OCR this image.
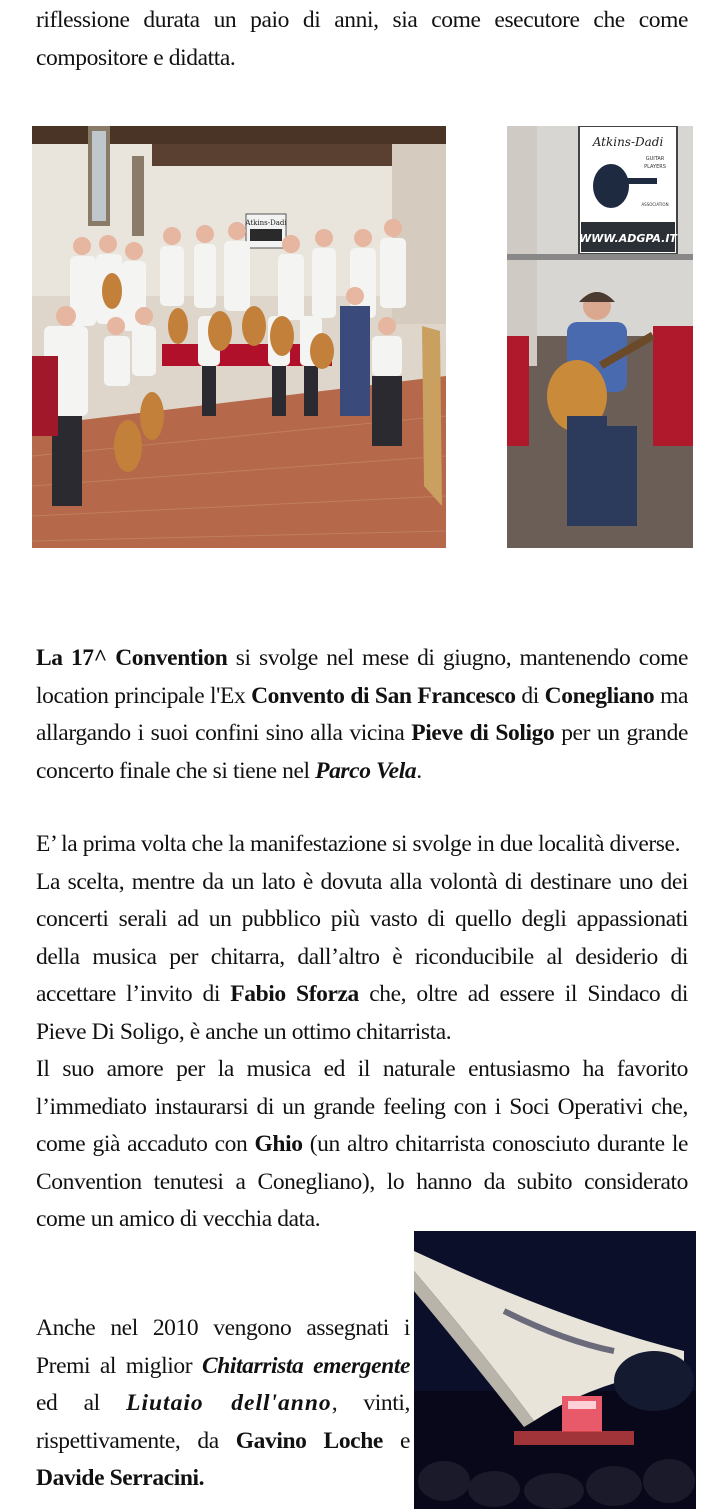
riflessione durata un paio di anni, sia come esecutore che come
compositore e didatta.
Atkins-Dadi
Atkins-Dadi
GUITAR
PLAYERS
ASSOCIATION
WWW.ADGPA.IT
La 17^ Convention si svolge nel mese di giugno, mantenendo come location principale l'Ex Convento di San Francesco di Conegliano ma allargando i suoi confini sino alla vicina Pieve di Soligo per un grande concerto finale che si tiene nel Parco Vela.
E’ la prima volta che la manifestazione si svolge in due località diverse.
La scelta, mentre da un lato è dovuta alla volontà di destinare uno dei concerti serali ad un pubblico più vasto di quello degli appassionati della musica per chitarra, dall’altro è riconducibile al desiderio di accettare l’invito di Fabio Sforza che, oltre ad essere il Sindaco di Pieve Di Soligo, è anche un ottimo chitarrista.
Il suo amore per la musica ed il naturale entusiasmo ha favorito l’immediato instaurarsi di un grande feeling con i Soci Operativi che, come già accaduto con Ghio (un altro chitarrista conosciuto durante le Convention tenutesi a Conegliano), lo hanno da subito considerato come un amico di vecchia data.
Anche nel 2010 vengono assegnati i Premi al miglior Chitarrista emergente ed al Liutaio dell'anno, vinti, rispettivamente, da Gavino Loche e Davide Serracini.
